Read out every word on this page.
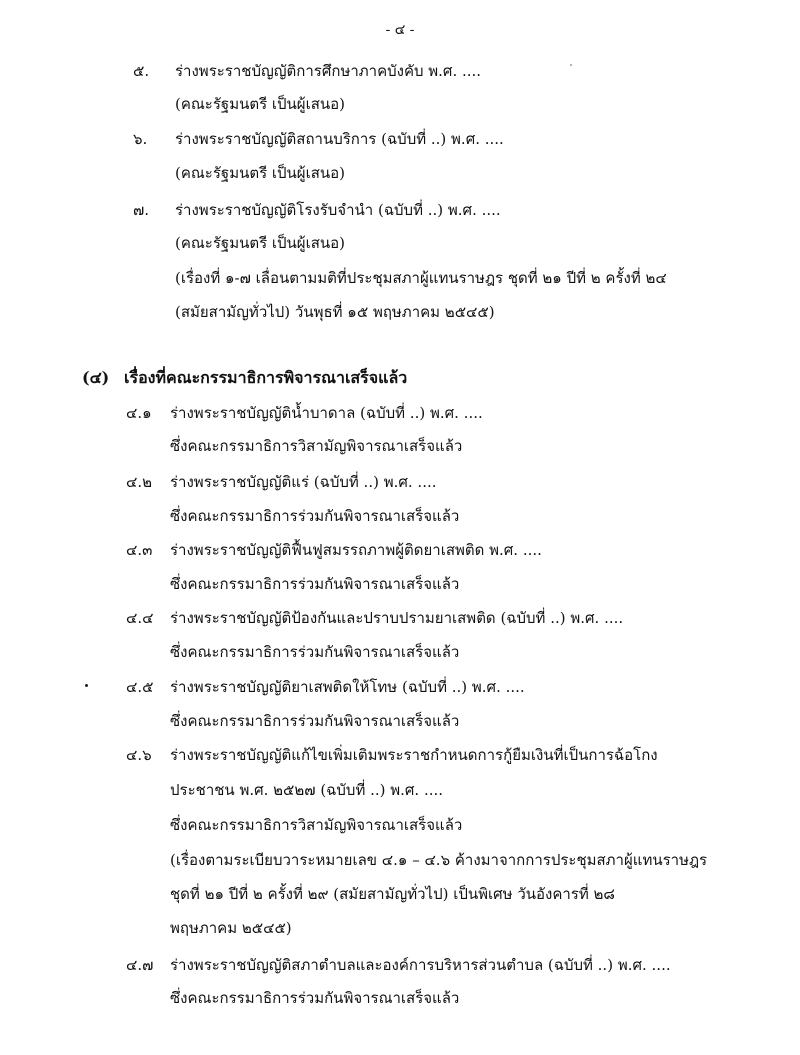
- ๔ -
๕. ร่างพระราชบัญญัติการศึกษาภาคบังคับ พ.ศ. ....
(คณะรัฐมนตรี เป็นผู้เสนอ)
๖. ร่างพระราชบัญญัติสถานบริการ (ฉบับที่ ..) พ.ศ. ....
(คณะรัฐมนตรี เป็นผู้เสนอ)
๗. ร่างพระราชบัญญัติโรงรับจำนำ (ฉบับที่ ..) พ.ศ. ....
(คณะรัฐมนตรี เป็นผู้เสนอ)
(เรื่องที่ ๑-๗ เลื่อนตามมติที่ประชุมสภาผู้แทนราษฎร ชุดที่ ๒๑ ปีที่ ๒ ครั้งที่ ๒๔
(สมัยสามัญทั่วไป) วันพุธที่ ๑๕ พฤษภาคม ๒๕๔๕)
(๔) เรื่องที่คณะกรรมาธิการพิจารณาเสร็จแล้ว
๔.๑ ร่างพระราชบัญญัติน้ำบาดาล (ฉบับที่ ..) พ.ศ. ....
ซึ่งคณะกรรมาธิการวิสามัญพิจารณาเสร็จแล้ว
๔.๒ ร่างพระราชบัญญัติแร่ (ฉบับที่ ..) พ.ศ. ....
ซึ่งคณะกรรมาธิการร่วมกันพิจารณาเสร็จแล้ว
๔.๓ ร่างพระราชบัญญัติฟื้นฟูสมรรถภาพผู้ติดยาเสพติด พ.ศ. ....
ซึ่งคณะกรรมาธิการร่วมกันพิจารณาเสร็จแล้ว
๔.๔ ร่างพระราชบัญญัติป้องกันและปราบปรามยาเสพติด (ฉบับที่ ..) พ.ศ. ....
ซึ่งคณะกรรมาธิการร่วมกันพิจารณาเสร็จแล้ว
๔.๕ ร่างพระราชบัญญัติยาเสพติดให้โทษ (ฉบับที่ ..) พ.ศ. ....
ซึ่งคณะกรรมาธิการร่วมกันพิจารณาเสร็จแล้ว
๔.๖ ร่างพระราชบัญญัติแก้ไขเพิ่มเติมพระราชกำหนดการกู้ยืมเงินที่เป็นการฉ้อโกง
ประชาชน พ.ศ. ๒๕๒๗ (ฉบับที่ ..) พ.ศ. ....
ซึ่งคณะกรรมาธิการวิสามัญพิจารณาเสร็จแล้ว
(เรื่องตามระเบียบวาระหมายเลข ๔.๑ – ๔.๖ ค้างมาจากการประชุมสภาผู้แทนราษฎร
ชุดที่ ๒๑ ปีที่ ๒ ครั้งที่ ๒๙ (สมัยสามัญทั่วไป) เป็นพิเศษ วันอังคารที่ ๒๘
พฤษภาคม ๒๕๔๕)
๔.๗ ร่างพระราชบัญญัติสภาตำบลและองค์การบริหารส่วนตำบล (ฉบับที่ ..) พ.ศ. ....
ซึ่งคณะกรรมาธิการร่วมกันพิจารณาเสร็จแล้ว
